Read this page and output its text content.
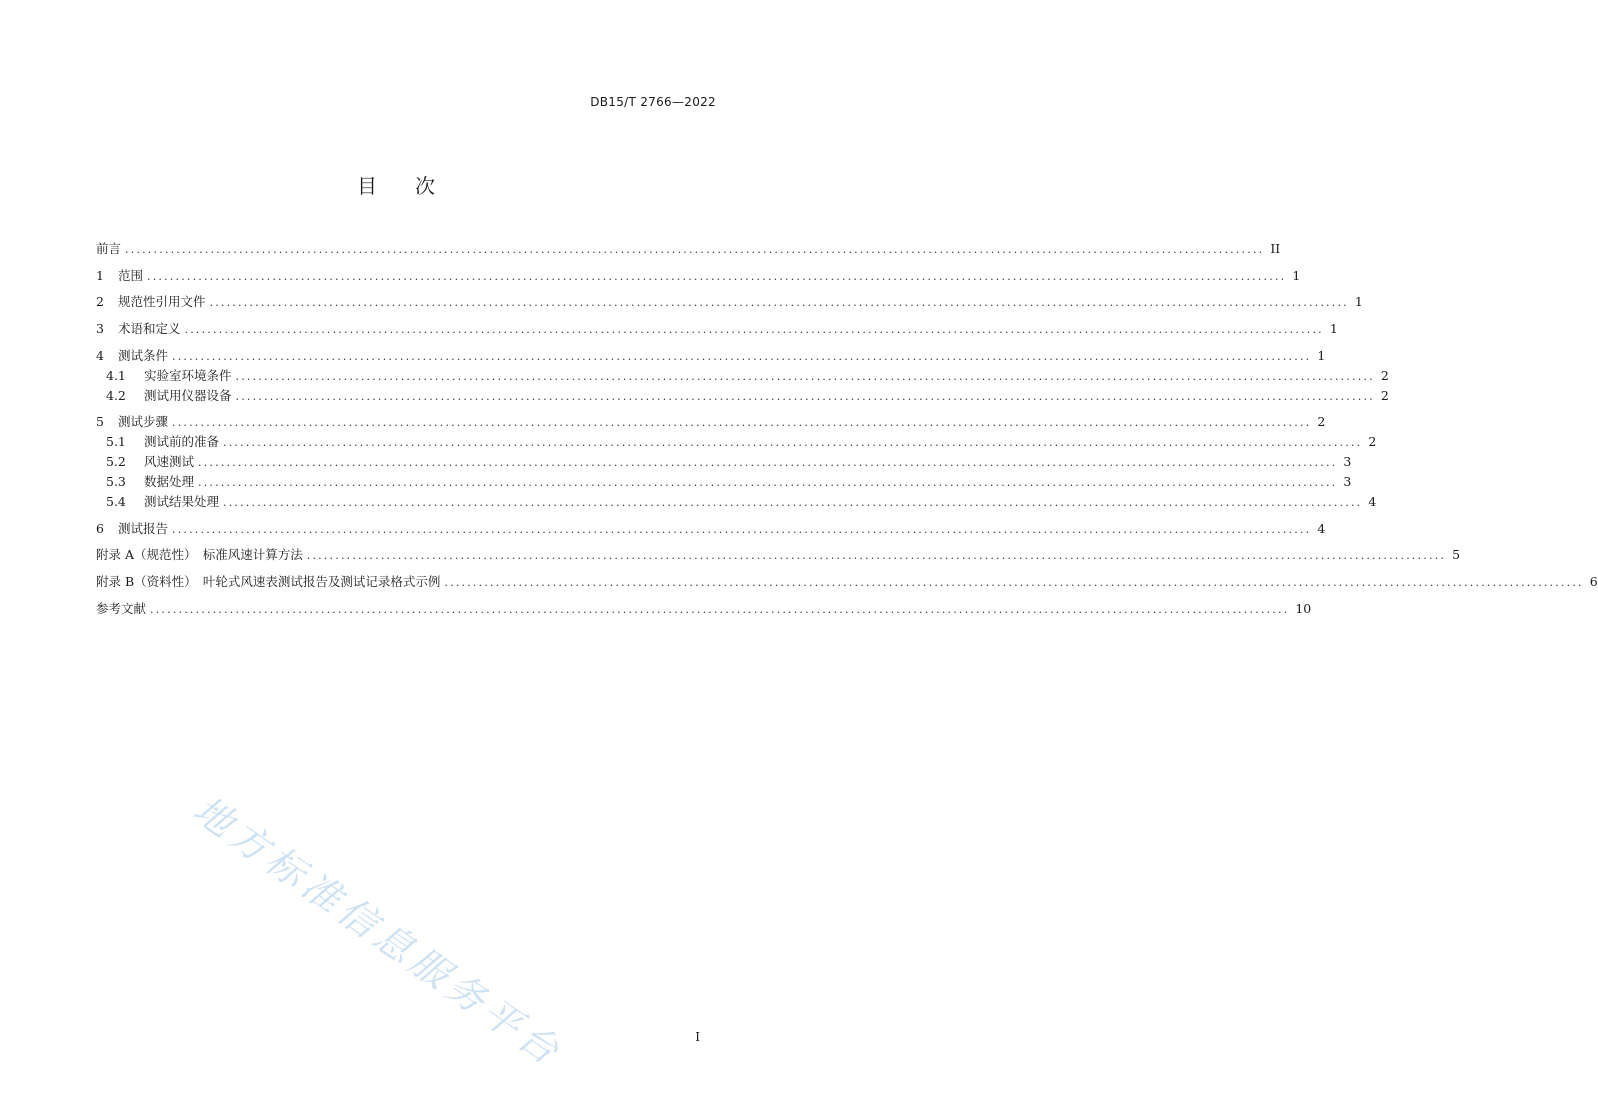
DB15/T 2766—2022
目 次
前言 ........................................................................................................................................................................................................ II
1	范围 ........................................................................................................................................................................................................ 1
2	规范性引用文件 ........................................................................................................................................................................................................ 1
3	术语和定义 ........................................................................................................................................................................................................ 1
4	测试条件 ........................................................................................................................................................................................................ 1
4.1	实验室环境条件 ........................................................................................................................................................................................................ 2
4.2	测试用仪器设备 ........................................................................................................................................................................................................ 2
5	测试步骤 ........................................................................................................................................................................................................ 2
5.1	测试前的准备 ........................................................................................................................................................................................................ 2
5.2	风速测试 ........................................................................................................................................................................................................ 3
5.3	数据处理 ........................................................................................................................................................................................................ 3
5.4	测试结果处理 ........................................................................................................................................................................................................ 4
6	测试报告 ........................................................................................................................................................................................................ 4
附录 A（规范性）　标准风速计算方法 ........................................................................................................................................................................................................ 5
附录 B（资料性）　叶轮式风速表测试报告及测试记录格式示例 ........................................................................................................................................................................................................ 6
参考文献 ........................................................................................................................................................................................................ 10
地方标准信息服务平台	I
